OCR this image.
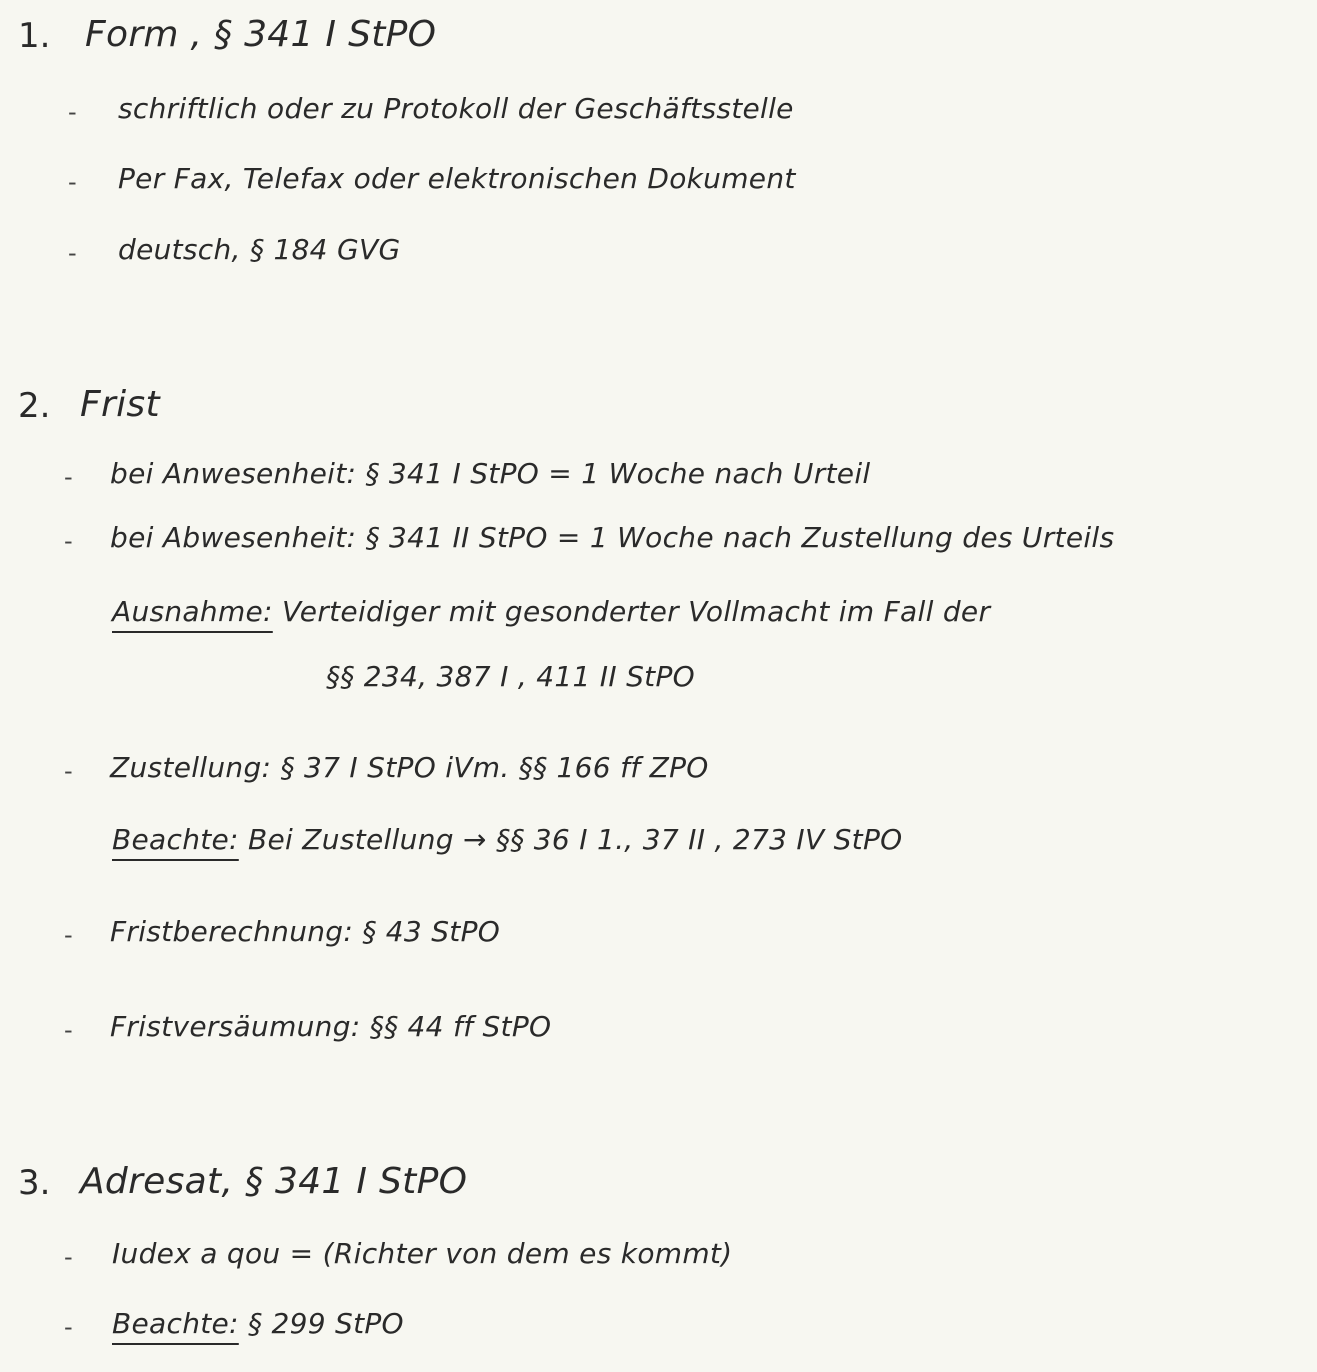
1. Form , § 341 I StPO
- schriftlich oder zu Protokoll der Geschäftsstelle
- Per Fax, Telefax oder elektronischen Dokument
- deutsch, § 184 GVG
2. Frist
- bei Anwesenheit: § 341 I StPO = 1 Woche nach Urteil
- bei Abwesenheit: § 341 II StPO = 1 Woche nach Zustellung des Urteils
Ausnahme: Verteidiger mit gesonderter Vollmacht im Fall der
§§ 234, 387 I , 411 II StPO
- Zustellung: § 37 I StPO iVm. §§ 166 ff ZPO
Beachte: Bei Zustellung → §§ 36 I 1., 37 II , 273 IV StPO
- Fristberechnung: § 43 StPO
- Fristversäumung: §§ 44 ff StPO
3. Adresat, § 341 I StPO
- Iudex a qou = (Richter von dem es kommt)
- Beachte: § 299 StPO
